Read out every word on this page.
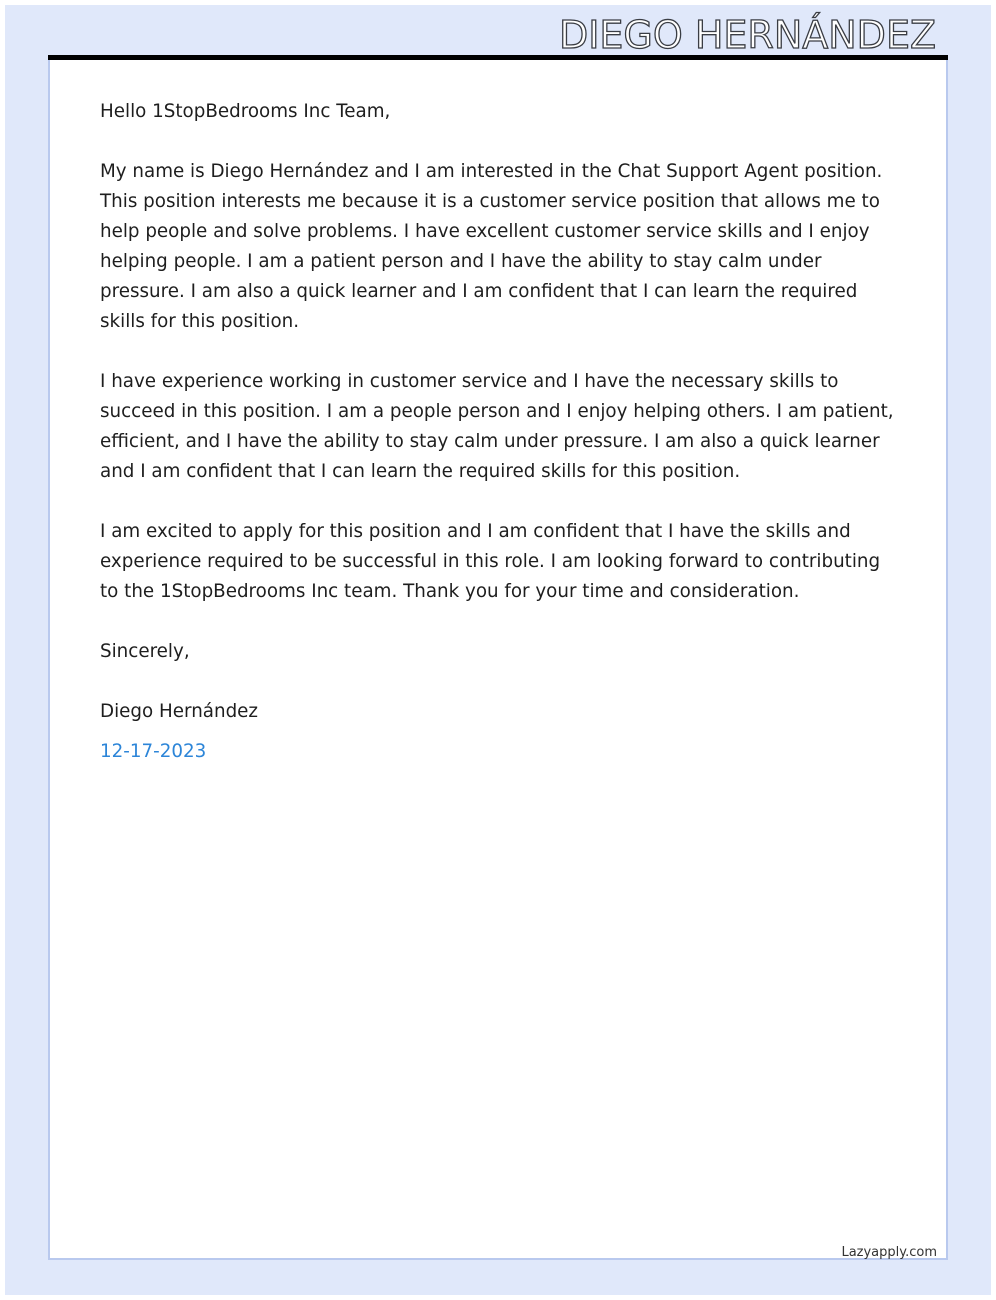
DIEGO HERNÁNDEZ

Hello 1StopBedrooms Inc Team,

My name is Diego Hernández and I am interested in the Chat Support Agent position. This position interests me because it is a customer service position that allows me to help people and solve problems. I have excellent customer service skills and I enjoy helping people. I am a patient person and I have the ability to stay calm under pressure. I am also a quick learner and I am confident that I can learn the required skills for this position.

I have experience working in customer service and I have the necessary skills to succeed in this position. I am a people person and I enjoy helping others. I am patient, efficient, and I have the ability to stay calm under pressure. I am also a quick learner and I am confident that I can learn the required skills for this position.

I am excited to apply for this position and I am confident that I have the skills and experience required to be successful in this role. I am looking forward to contributing to the 1StopBedrooms Inc team. Thank you for your time and consideration.

Sincerely,

Diego Hernández

12-17-2023

Lazyapply.com
